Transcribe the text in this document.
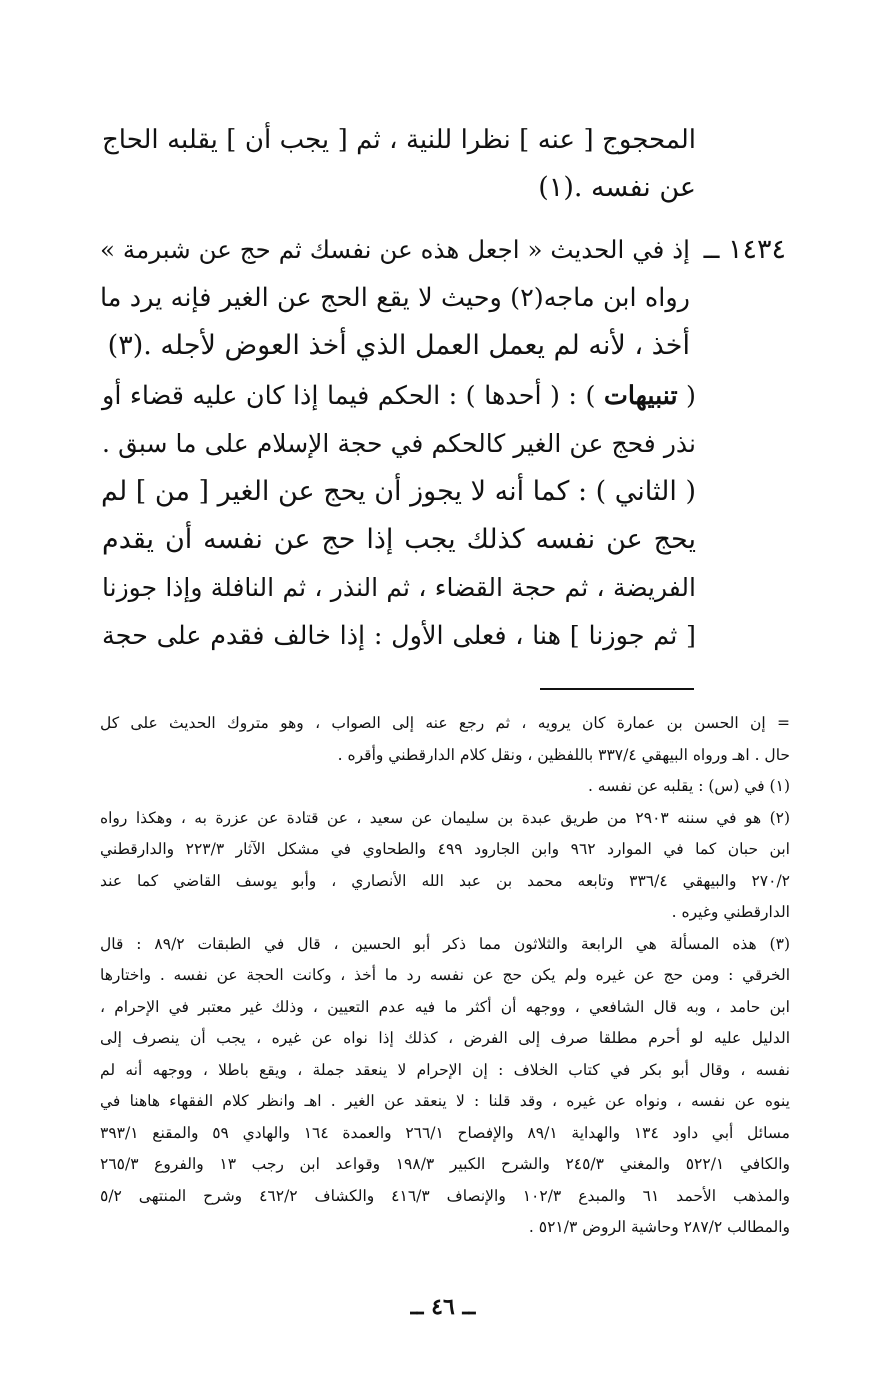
المحجوج [ عنه ] نظرا للنية ، ثم [ يجب أن ] يقلبه الحاج
عن نفسه .(١)
١٤٣٤ ــ
إذ في الحديث « اجعل هذه عن نفسك ثم حج عن شبرمة »
رواه ابن ماجه(٢) وحيث لا يقع الحج عن الغير فإنه يرد ما
أخذ ، لأنه لم يعمل العمل الذي أخذ العوض لأجله .(٣)
( تنبيهات ) : ( أحدها ) : الحكم فيما إذا كان عليه قضاء أو
نذر فحج عن الغير كالحكم في حجة الإسلام على ما سبق .
( الثاني ) : كما أنه لا يجوز أن يحج عن الغير [ من ] لم
يحج عن نفسه كذلك يجب إذا حج عن نفسه أن يقدم
الفريضة ، ثم حجة القضاء ، ثم النذر ، ثم النافلة وإذا جوزنا
[ ثم جوزنا ] هنا ، فعلى الأول : إذا خالف فقدم على حجة
= إن الحسن بن عمارة كان يرويه ، ثم رجع عنه إلى الصواب ، وهو متروك الحديث على كل
حال . اهـ ورواه البيهقي ٣٣٧/٤ باللفظين ، ونقل كلام الدارقطني وأقره .
(١) في (س) : يقلبه عن نفسه .
(٢) هو في سننه ٢٩٠٣ من طريق عبدة بن سليمان عن سعيد ، عن قتادة عن عزرة به ، وهكذا رواه
ابن حبان كما في الموارد ٩٦٢ وابن الجارود ٤٩٩ والطحاوي في مشكل الآثار ٢٢٣/٣ والدارقطني
٢٧٠/٢ والبيهقي ٣٣٦/٤ وتابعه محمد بن عبد الله الأنصاري ، وأبو يوسف القاضي كما عند
الدارقطني وغيره .
(٣) هذه المسألة هي الرابعة والثلاثون مما ذكر أبو الحسين ، قال في الطبقات ٨٩/٢ : قال
الخرقي : ومن حج عن غيره ولم يكن حج عن نفسه رد ما أخذ ، وكانت الحجة عن نفسه . واختارها
ابن حامد ، وبه قال الشافعي ، ووجهه أن أكثر ما فيه عدم التعيين ، وذلك غير معتبر في الإحرام ،
الدليل عليه لو أحرم مطلقا صرف إلى الفرض ، كذلك إذا نواه عن غيره ، يجب أن ينصرف إلى
نفسه ، وقال أبو بكر في كتاب الخلاف : إن الإحرام لا ينعقد جملة ، ويقع باطلا ، ووجهه أنه لم
ينوه عن نفسه ، ونواه عن غيره ، وقد قلنا : لا ينعقد عن الغير . اهـ وانظر كلام الفقهاء هاهنا في
مسائل أبي داود ١٣٤ والهداية ٨٩/١ والإفصاح ٢٦٦/١ والعمدة ١٦٤ والهادي ٥٩ والمقنع ٣٩٣/١
والكافي ٥٢٢/١ والمغني ٢٤٥/٣ والشرح الكبير ١٩٨/٣ وقواعد ابن رجب ١٣ والفروع ٢٦٥/٣
والمذهب الأحمد ٦١ والمبدع ١٠٢/٣ والإنصاف ٤١٦/٣ والكشاف ٤٦٢/٢ وشرح المنتهى ٥/٢
والمطالب ٢٨٧/٢ وحاشية الروض ٥٢١/٣ .
ــ ٤٦ ــ
